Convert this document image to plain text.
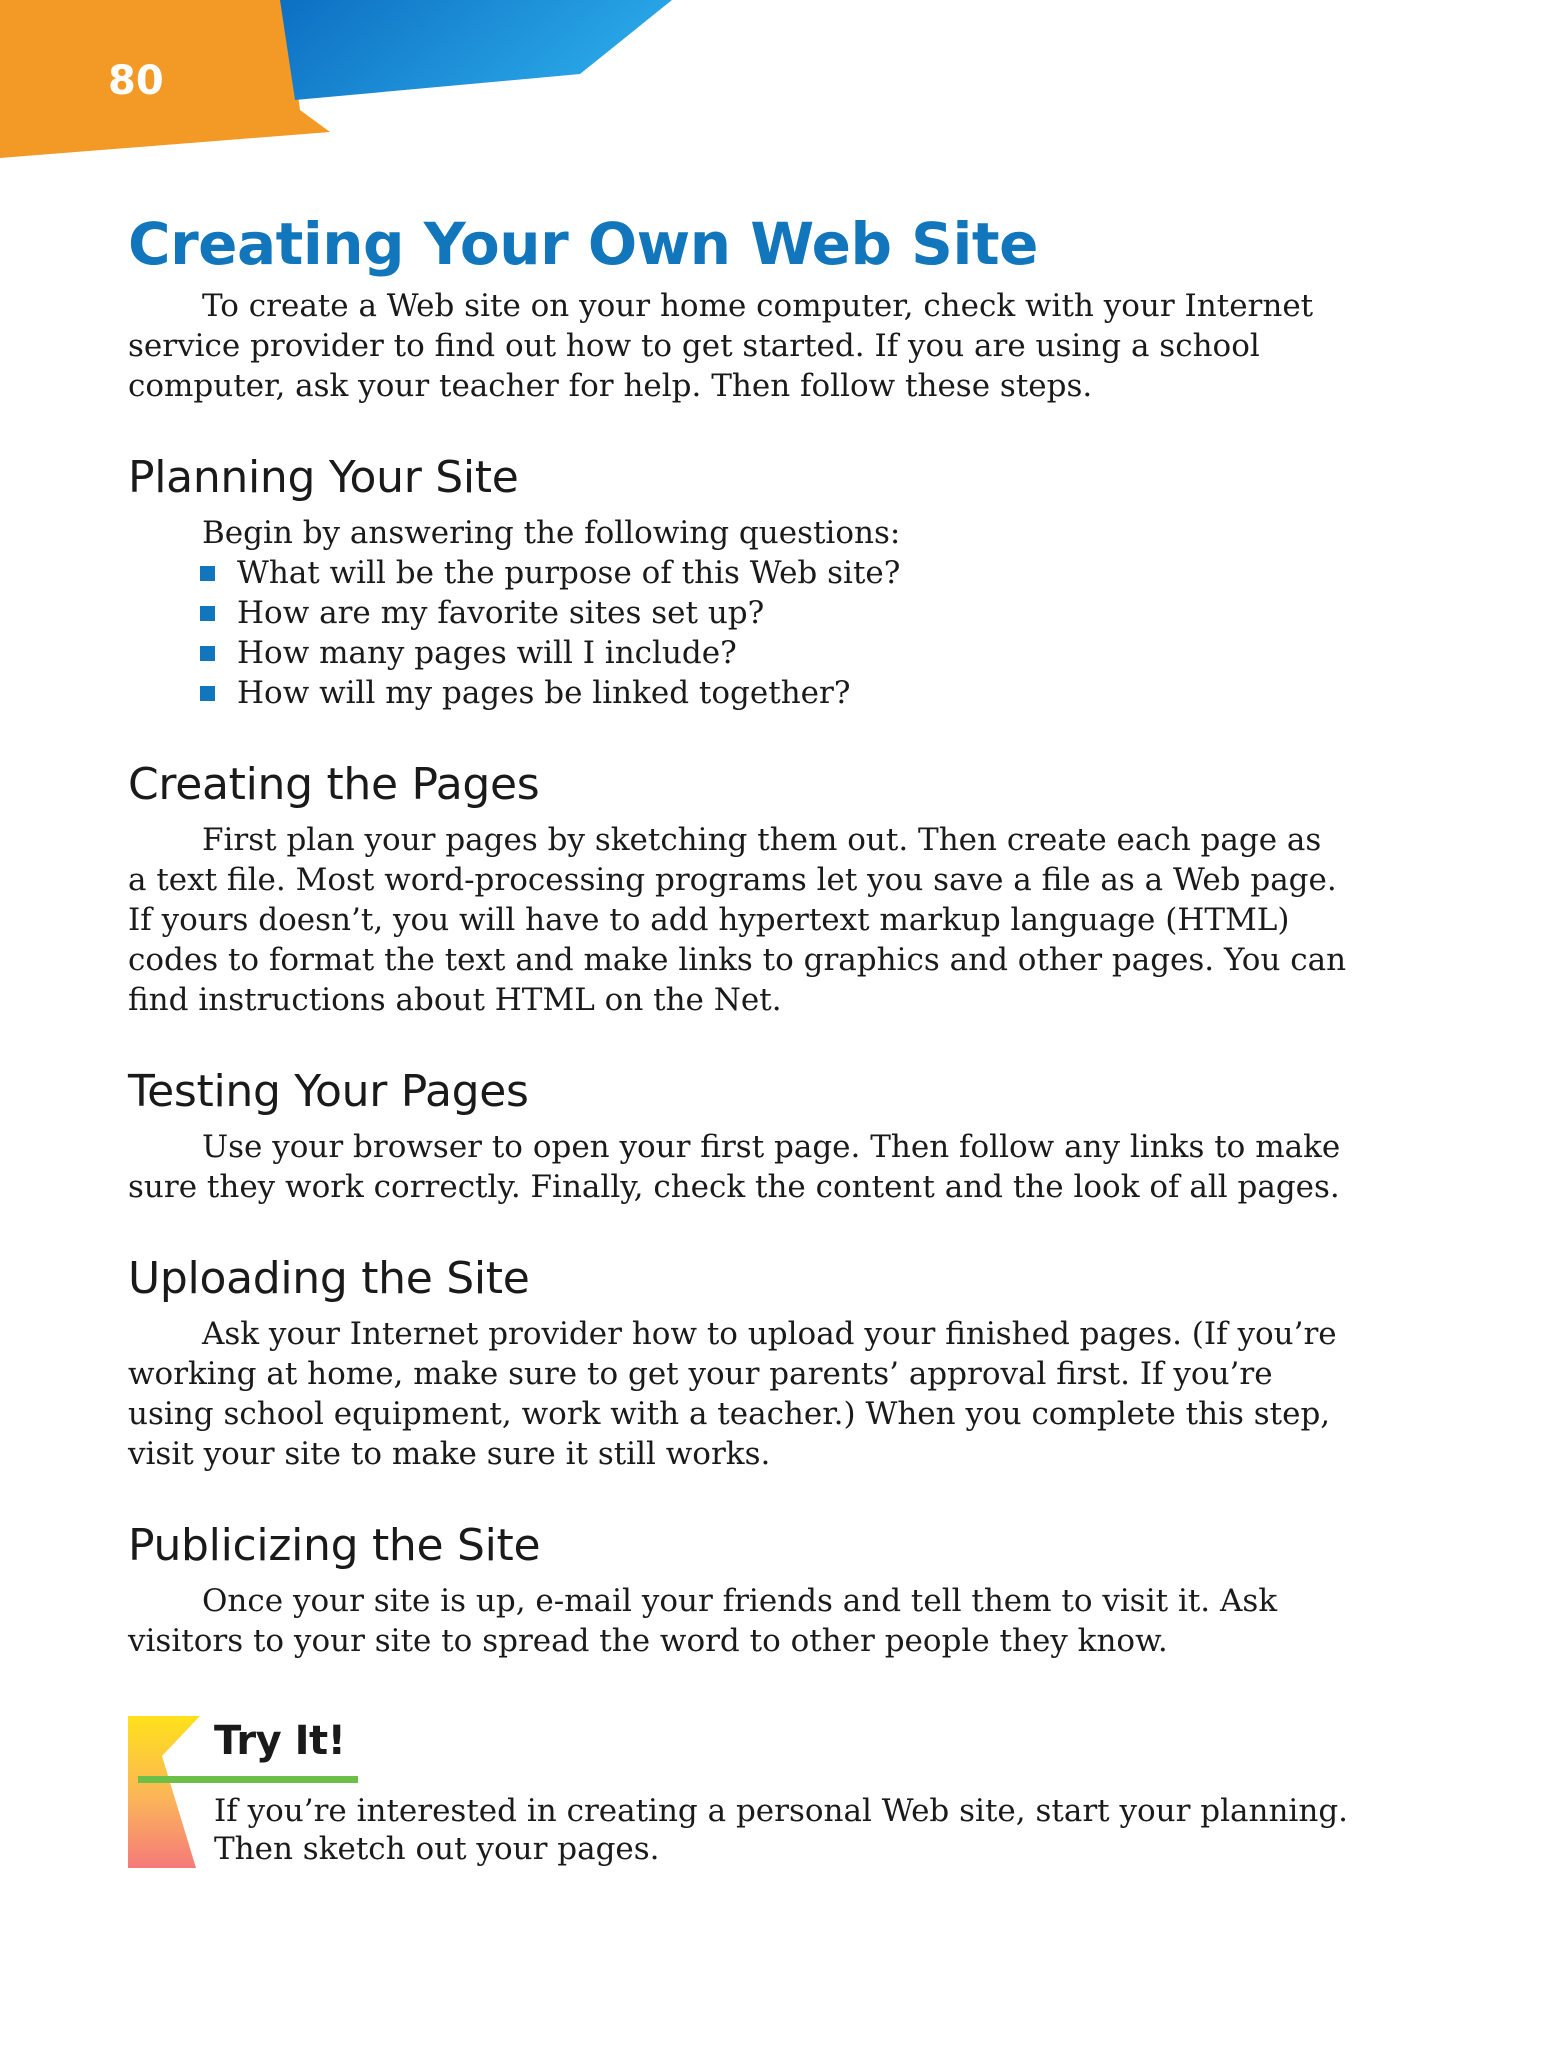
80
Creating Your Own Web Site

To create a Web site on your home computer, check with your Internet service provider to find out how to get started. If you are using a school computer, ask your teacher for help. Then follow these steps.

Planning Your Site
Begin by answering the following questions:
What will be the purpose of this Web site?
How are my favorite sites set up?
How many pages will I include?
How will my pages be linked together?
Creating the Pages

First plan your pages by sketching them out. Then create each page as a text file. Most word-processing programs let you save a file as a Web page. If yours doesn’t, you will have to add hypertext markup language (HTML) codes to format the text and make links to graphics and other pages. You can find instructions about HTML on the Net.

Testing Your Pages

Use your browser to open your first page. Then follow any links to make sure they work correctly. Finally, check the content and the look of all pages.

Uploading the Site

Ask your Internet provider how to upload your finished pages. (If you’re working at home, make sure to get your parents’ approval first. If you’re using school equipment, work with a teacher.) When you complete this step, visit your site to make sure it still works.

Publicizing the Site

Once your site is up, e-mail your friends and tell them to visit it. Ask visitors to your site to spread the word to other people they know.

Try It!

If you’re interested in creating a personal Web site, start your planning. Then sketch out your pages.
